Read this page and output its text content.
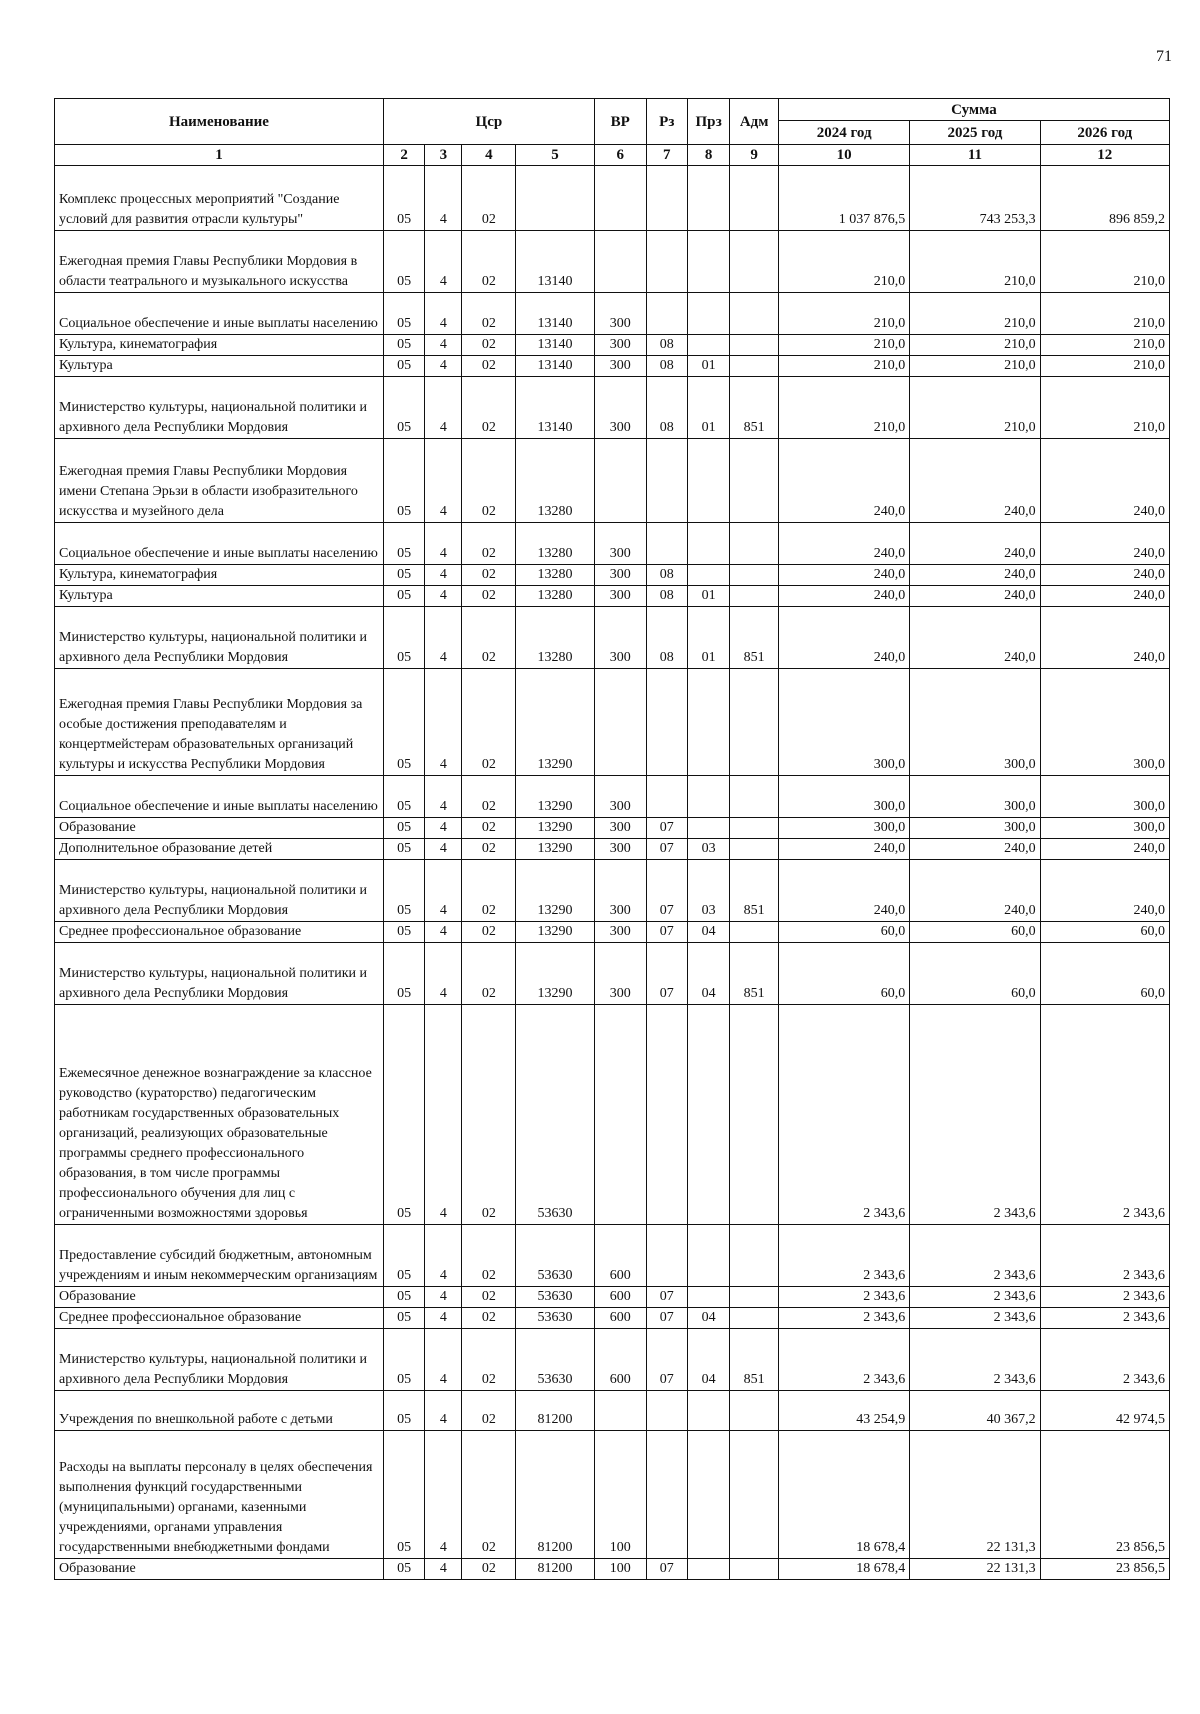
71
Наименование	Цср				ВР	Рз	Прз	Адм	Сумма		
									2024 год	2025 год	2026 год
1	2	3	4	5	6	7	8	9	10	11	12
Комплекс процессных мероприятий "Создание условий для развития отрасли культуры"	05	4	02						1 037 876,5	743 253,3	896 859,2
Ежегодная премия Главы Республики Мордовия в области театрального и музыкального искусства	05	4	02	13140					210,0	210,0	210,0
Социальное обеспечение и иные выплаты населению	05	4	02	13140	300				210,0	210,0	210,0
Культура, кинематография	05	4	02	13140	300	08			210,0	210,0	210,0
Культура	05	4	02	13140	300	08	01		210,0	210,0	210,0
Министерство культуры, национальной политики и архивного дела Республики Мордовия	05	4	02	13140	300	08	01	851	210,0	210,0	210,0
Ежегодная премия Главы Республики Мордовия имени Степана Эрьзи в области изобразительного искусства и музейного дела	05	4	02	13280					240,0	240,0	240,0
Социальное обеспечение и иные выплаты населению	05	4	02	13280	300				240,0	240,0	240,0
Культура, кинематография	05	4	02	13280	300	08			240,0	240,0	240,0
Культура	05	4	02	13280	300	08	01		240,0	240,0	240,0
Министерство культуры, национальной политики и архивного дела Республики Мордовия	05	4	02	13280	300	08	01	851	240,0	240,0	240,0
Ежегодная премия Главы Республики Мордовия за особые достижения преподавателям и концертмейстерам образовательных организаций культуры и искусства Республики Мордовия	05	4	02	13290					300,0	300,0	300,0
Социальное обеспечение и иные выплаты населению	05	4	02	13290	300				300,0	300,0	300,0
Образование	05	4	02	13290	300	07			300,0	300,0	300,0
Дополнительное образование детей	05	4	02	13290	300	07	03		240,0	240,0	240,0
Министерство культуры, национальной политики и архивного дела Республики Мордовия	05	4	02	13290	300	07	03	851	240,0	240,0	240,0
Среднее профессиональное образование	05	4	02	13290	300	07	04		60,0	60,0	60,0
Министерство культуры, национальной политики и архивного дела Республики Мордовия	05	4	02	13290	300	07	04	851	60,0	60,0	60,0
Ежемесячное денежное вознаграждение за классное руководство (кураторство) педагогическим работникам государственных образовательных организаций, реализующих образовательные программы среднего профессионального образования, в том числе программы профессионального обучения для лиц с ограниченными возможностями здоровья	05	4	02	53630					2 343,6	2 343,6	2 343,6
Предоставление субсидий бюджетным, автономным учреждениям и иным некоммерческим организациям	05	4	02	53630	600				2 343,6	2 343,6	2 343,6
Образование	05	4	02	53630	600	07			2 343,6	2 343,6	2 343,6
Среднее профессиональное образование	05	4	02	53630	600	07	04		2 343,6	2 343,6	2 343,6
Министерство культуры, национальной политики и архивного дела Республики Мордовия	05	4	02	53630	600	07	04	851	2 343,6	2 343,6	2 343,6
Учреждения по внешкольной работе с детьми	05	4	02	81200					43 254,9	40 367,2	42 974,5
Расходы на выплаты персоналу в целях обеспечения выполнения функций государственными (муниципальными) органами, казенными учреждениями, органами управления государственными внебюджетными фондами	05	4	02	81200	100				18 678,4	22 131,3	23 856,5
Образование	05	4	02	81200	100	07			18 678,4	22 131,3	23 856,5
